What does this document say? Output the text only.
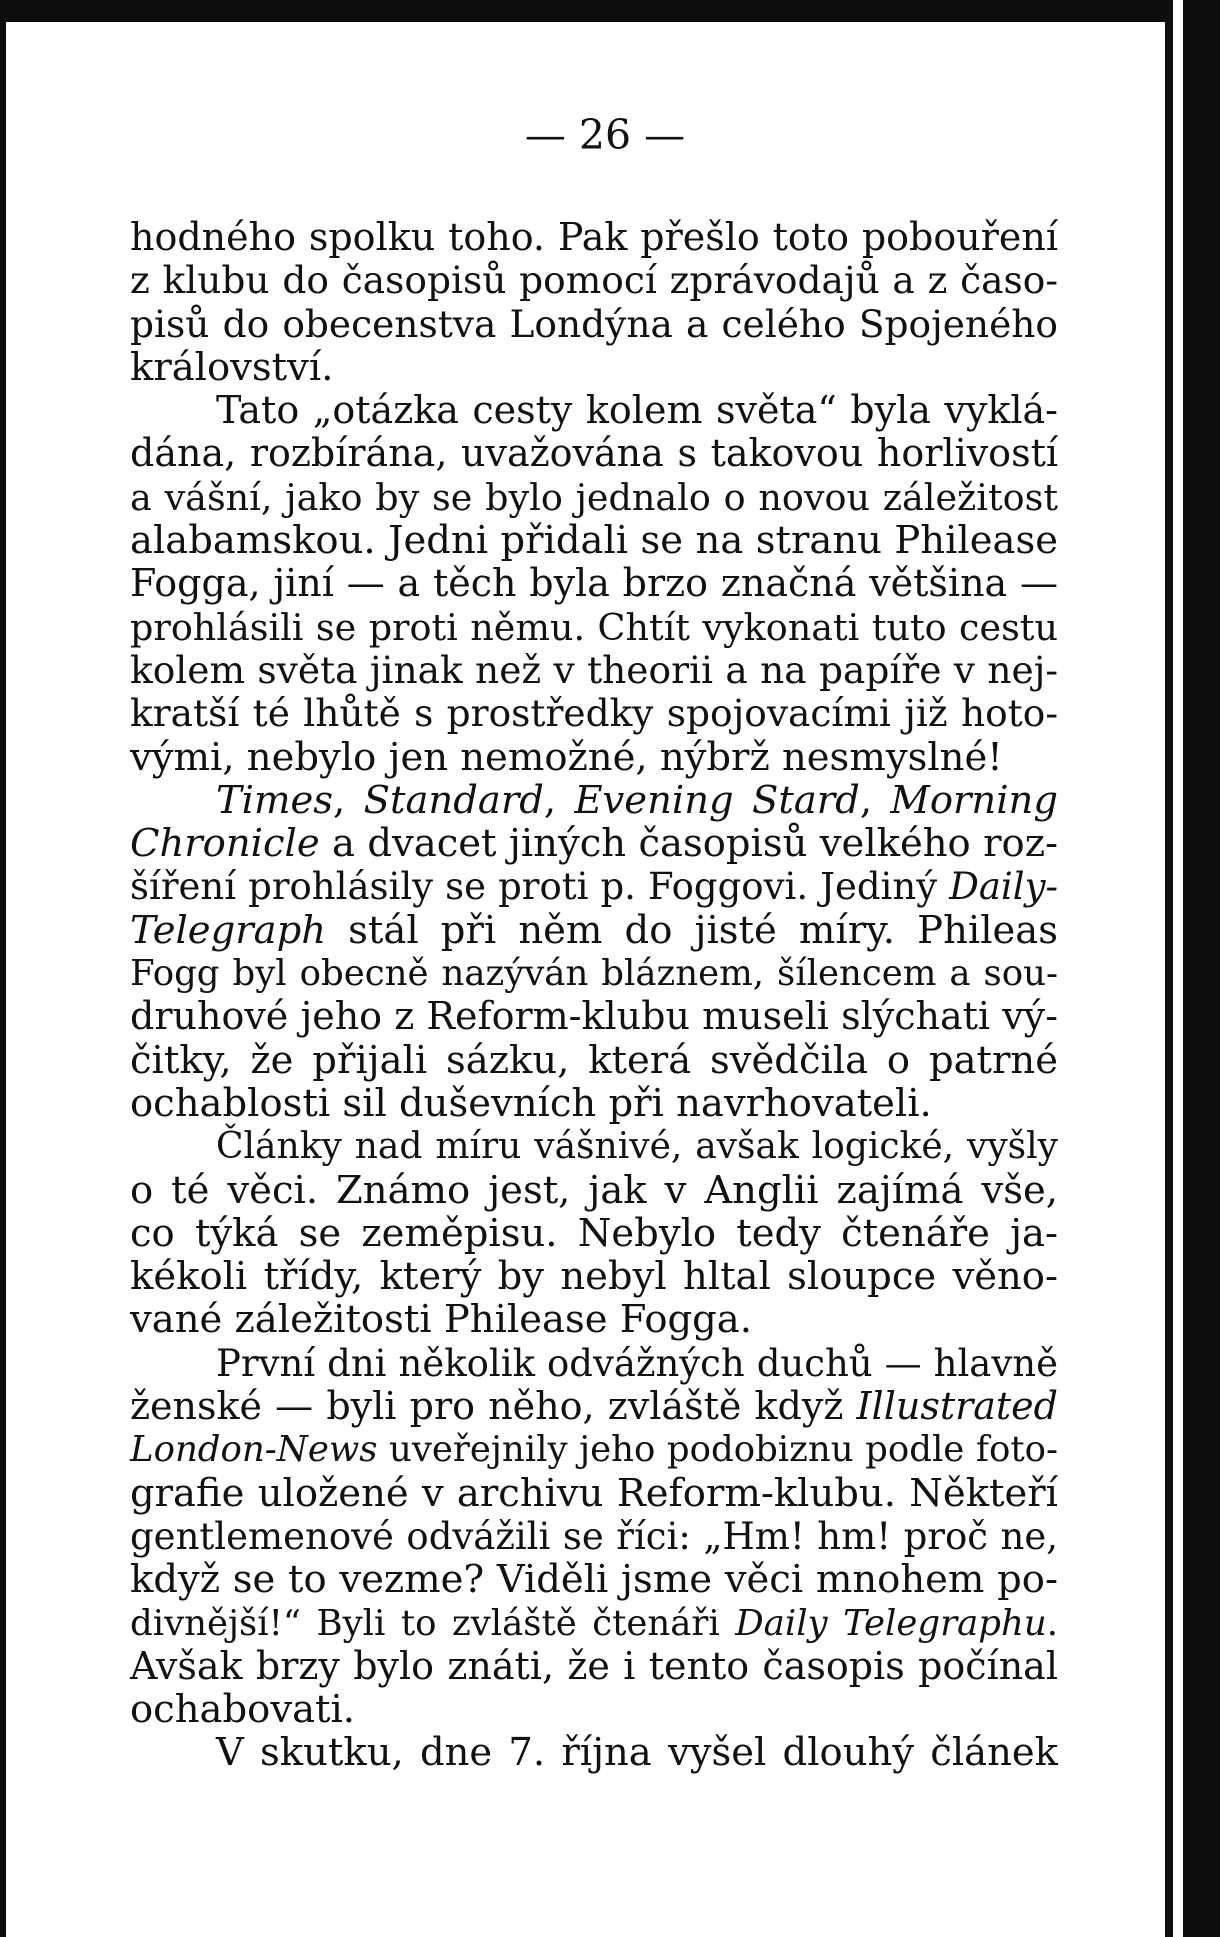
— 26 —
hodného spolku toho. Pak přešlo toto pobouření
z klubu do časopisů pomocí zprávodajů a z časo-
pisů do obecenstva Londýna a celého Spojeného
království.
Tato „otázka cesty kolem světa“ byla vyklá-
dána, rozbírána, uvažována s takovou horlivostí
a vášní, jako by se bylo jednalo o novou záležitost
alabamskou. Jedni přidali se na stranu Philease
Fogga, jiní — a těch byla brzo značná většina —
prohlásili se proti němu. Chtít vykonati tuto cestu
kolem světa jinak než v theorii a na papíře v nej-
kratší té lhůtě s prostředky spojovacími již hoto-
vými, nebylo jen nemožné, nýbrž nesmyslné!
Times, Standard, Evening Stard, Morning
Chronicle a dvacet jiných časopisů velkého roz-
šíření prohlásily se proti p. Foggovi. Jediný Daily-
Telegraph stál při něm do jisté míry. Phileas
Fogg byl obecně nazýván bláznem, šílencem a sou-
druhové jeho z Reform-klubu museli slýchati vý-
čitky, že přijali sázku, která svědčila o patrné
ochablosti sil duševních při navrhovateli.
Články nad míru vášnivé, avšak logické, vyšly
o té věci. Známo jest, jak v Anglii zajímá vše,
co týká se zeměpisu. Nebylo tedy čtenáře ja-
kékoli třídy, který by nebyl hltal sloupce věno-
vané záležitosti Philease Fogga.
První dni několik odvážných duchů — hlavně
ženské — byli pro něho, zvláště když Illustrated
London-News uveřejnily jeho podobiznu podle foto-
grafie uložené v archivu Reform-klubu. Někteří
gentlemenové odvážili se říci: „Hm! hm! proč ne,
když se to vezme? Viděli jsme věci mnohem po-
divnější!“ Byli to zvláště čtenáři Daily Telegraphu.
Avšak brzy bylo znáti, že i tento časopis počínal
ochabovati.
V skutku, dne 7. října vyšel dlouhý článek
